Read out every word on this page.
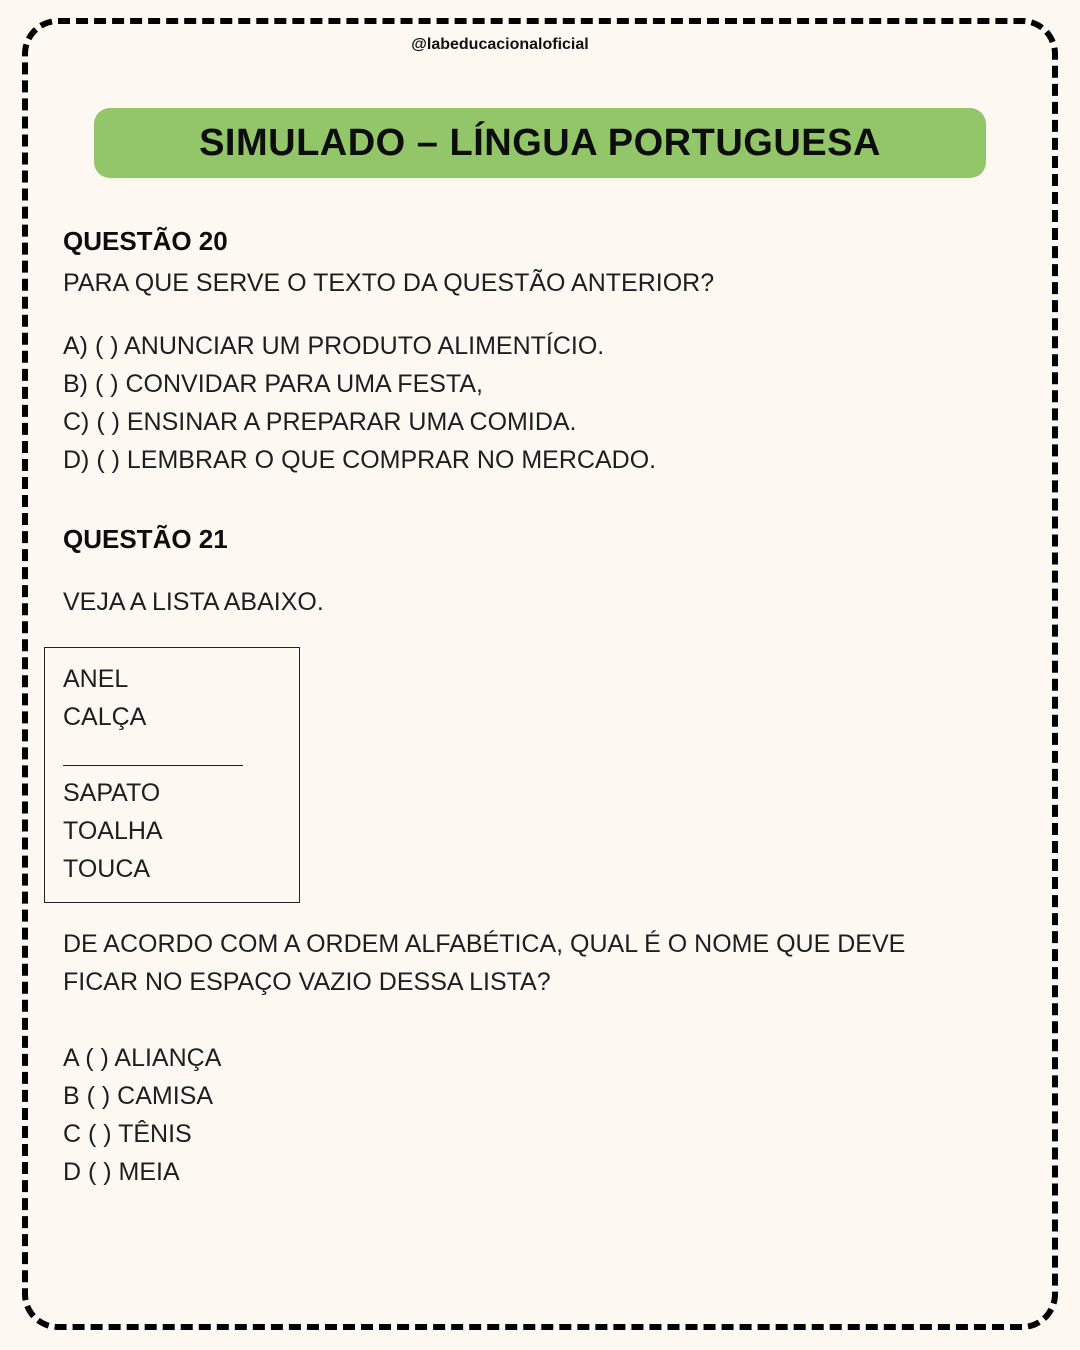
@labeducacionaloficial
SIMULADO – LÍNGUA PORTUGUESA

QUESTÃO 20

PARA QUE SERVE O TEXTO DA QUESTÃO ANTERIOR?

A) ( ) ANUNCIAR UM PRODUTO ALIMENTÍCIO.

B) ( ) CONVIDAR PARA UMA FESTA,

C) ( ) ENSINAR A PREPARAR UMA COMIDA.

D) ( ) LEMBRAR O QUE COMPRAR NO MERCADO.

QUESTÃO 21

VEJA A LISTA ABAIXO.

ANEL
CALÇA
SAPATO
TOALHA
TOUCA

DE ACORDO COM A ORDEM ALFABÉTICA, QUAL É O NOME QUE DEVE

FICAR NO ESPAÇO VAZIO DESSA LISTA?

A ( ) ALIANÇA

B ( ) CAMISA

C ( ) TÊNIS

D ( ) MEIA
